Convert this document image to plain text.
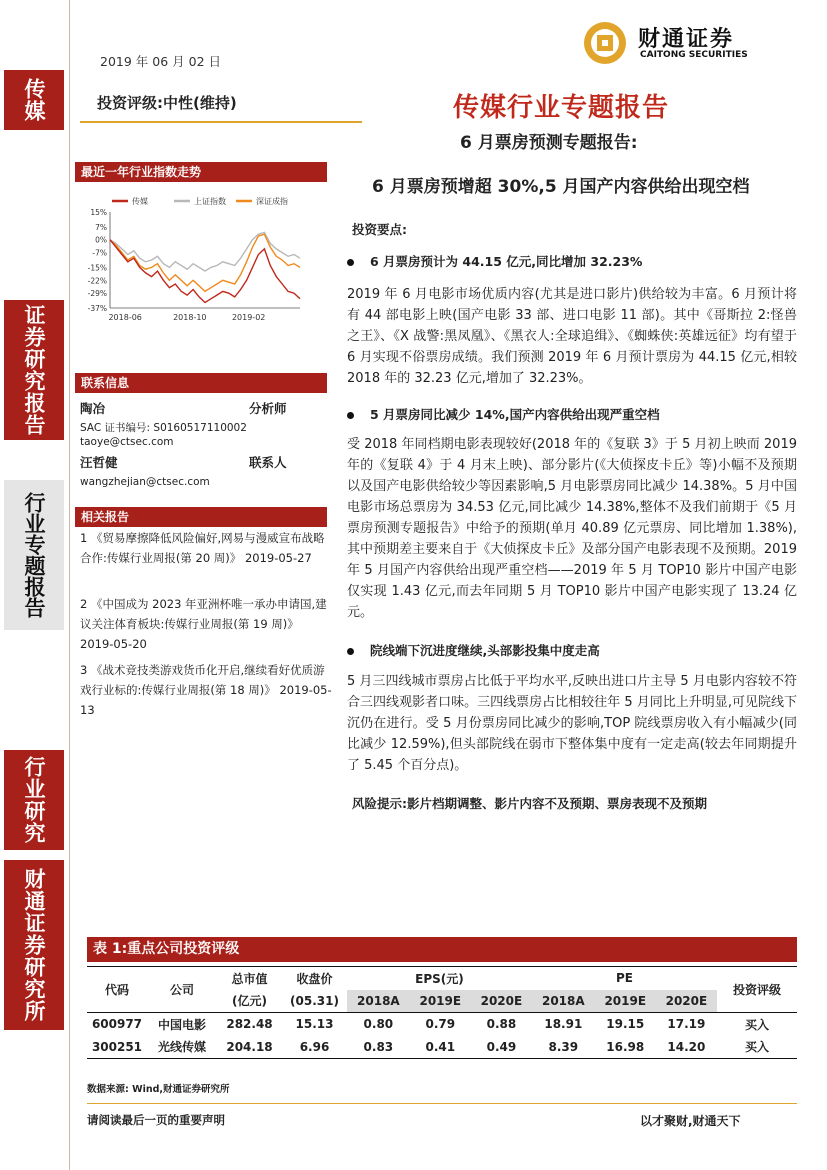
传媒
证券研究报告
行业专题报告
行业研究
财通证券研究所
2019 年 06 月 02 日
财通证券
CAITONG SECURITIES
投资评级:中性(维持)	传媒行业专题报告
6 月票房预测专题报告:
6 月票房预增超 30%,5 月国产内容供给出现空档
最近一年行业指数走势
传媒	上证指数	深证成指
15%
7%
0%
-7%
-15%
-22%
-29%
-37%
2018-06	2018-10	2019-02
联系信息
陶冶	分析师
SAC 证书编号: S0160517110002
taoye@ctsec.com
汪哲健	联系人
wangzhejian@ctsec.com
相关报告
1 《贸易摩擦降低风险偏好,网易与漫威宣布战略合作:传媒行业周报(第 20 周)》 2019-05-27
2 《中国成为 2023 年亚洲杯唯一承办申请国,建议关注体育板块:传媒行业周报(第 19 周)》 2019-05-20
3 《战术竞技类游戏货币化开启,继续看好优质游戏行业标的:传媒行业周报(第 18 周)》 2019-05-13
投资要点:
6 月票房预计为 44.15 亿元,同比增加 32.23%
2019 年 6 月电影市场优质内容(尤其是进口影片)供给较为丰富。6 月预计将有 44 部电影上映(国产电影 33 部、进口电影 11 部)。其中《哥斯拉 2:怪兽之王》、《X 战警:黑凤凰》、《黑衣人:全球追缉》、《蜘蛛侠:英雄远征》均有望于 6 月实现不俗票房成绩。我们预测 2019 年 6 月预计票房为 44.15 亿元,相较 2018 年的 32.23 亿元,增加了 32.23%。
5 月票房同比减少 14%,国产内容供给出现严重空档
受 2018 年同档期电影表现较好(2018 年的《复联 3》于 5 月初上映而 2019 年的《复联 4》于 4 月末上映)、部分影片(《大侦探皮卡丘》等)小幅不及预期以及国产电影供给较少等因素影响,5 月电影票房同比减少 14.38%。5 月中国电影市场总票房为 34.53 亿元,同比减少 14.38%,整体不及我们前期于《5 月票房预测专题报告》中给予的预期(单月 40.89 亿元票房、同比增加 1.38%),其中预期差主要来自于《大侦探皮卡丘》及部分国产电影表现不及预期。2019 年 5 月国产内容供给出现严重空档——2019 年 5 月 TOP10 影片中国产电影仅实现 1.43 亿元,而去年同期 5 月 TOP10 影片中国产电影实现了 13.24 亿元。
院线端下沉进度继续,头部影投集中度走高
5 月三四线城市票房占比低于平均水平,反映出进口片主导 5 月电影内容较不符合三四线观影者口味。三四线票房占比相较往年 5 月同比上升明显,可见院线下沉仍在进行。受 5 月份票房同比减少的影响,TOP 院线票房收入有小幅减少(同比减少 12.59%),但头部院线在弱市下整体集中度有一定走高(较去年同期提升了 5.45 个百分点)。
风险提示:影片档期调整、影片内容不及预期、票房表现不及预期
表 1:重点公司投资评级
代码	公司	总市值	收盘价	EPS(元)			PE			投资评级
		(亿元)	(05.31)	2018A	2019E	2020E	2018A	2019E	2020E	
600977	中国电影	282.48	15.13	0.80	0.79	0.88	18.91	19.15	17.19	买入
300251	光线传媒	204.18	6.96	0.83	0.41	0.49	8.39	16.98	14.20	买入
数据来源: Wind,财通证券研究所
请阅读最后一页的重要声明	以才聚财,财通天下
